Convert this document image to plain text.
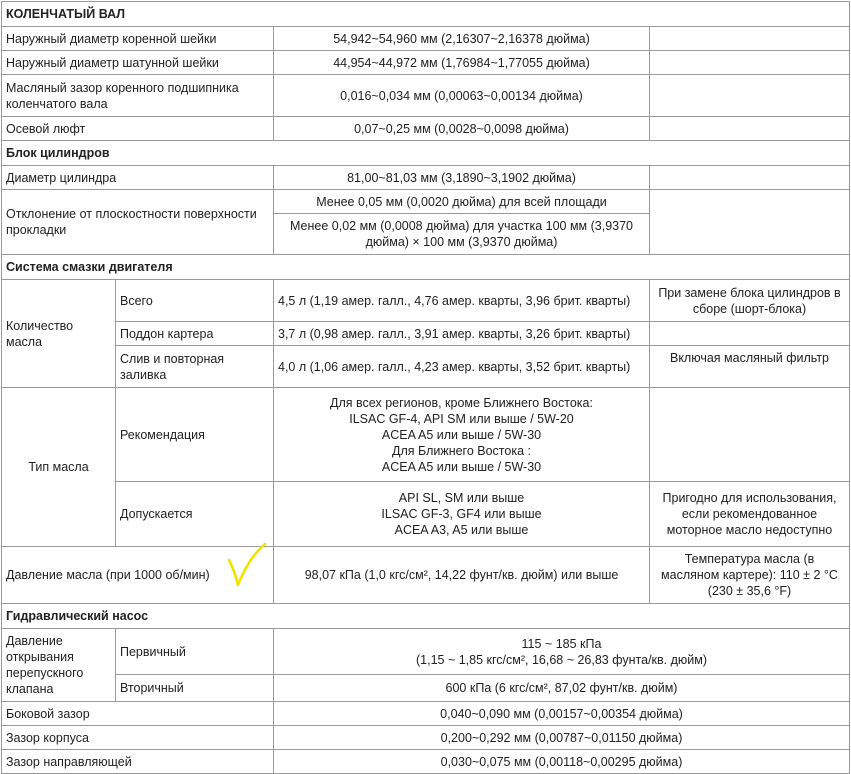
КОЛЕНЧАТЫЙ ВАЛ			
Наружный диаметр коренной шейки		54,942~54,960 мм (2,16307~2,16378 дюйма)	
Наружный диаметр шатунной шейки		44,954~44,972 мм (1,76984~1,77055 дюйма)	
Масляный зазор коренного подшипника коленчатого вала		0,016~0,034 мм (0,00063~0,00134 дюйма)	
Осевой люфт		0,07~0,25 мм (0,0028~0,0098 дюйма)	
Блок цилиндров			
Диаметр цилиндра		81,00~81,03 мм (3,1890~3,1902 дюйма)	
Отклонение от плоскостности поверхности прокладки		Менее 0,05 мм (0,0020 дюйма) для всей площади	
		Менее 0,02 мм (0,0008 дюйма) для участка 100 мм (3,9370 дюйма) × 100 мм (3,9370 дюйма)	
Система смазки двигателя			
Количество масла	Всего	4,5 л (1,19 амер. галл., 4,76 амер. кварты, 3,96 брит. кварты)	При замене блока цилиндров в сборе (шорт-блока)
	Поддон картера	3,7 л (0,98 амер. галл., 3,91 амер. кварты, 3,26 брит. кварты)	
	Слив и повторная заливка	4,0 л (1,06 амер. галл., 4,23 амер. кварты, 3,52 брит. кварты)	Включая масляный фильтр
Тип масла	Рекомендация	Для всех регионов, кроме Ближнего Востока:
ILSAC GF-4, API SM или выше / 5W-20
ACEA A5 или выше / 5W-30
Для Ближнего Востока :
ACEA A5 или выше / 5W-30	

	Допускается	API SL, SM или выше
ILSAC GF-3, GF4 или выше
ACEA A3, A5 или выше	Пригодно для использования, если рекомендованное моторное масло недоступно
Давление масла (при 1000 об/мин)		98,07 кПа (1,0 кгс/см², 14,22 фунт/кв. дюйм) или выше	Температура масла (в масляном картере): 110 ± 2 °C (230 ± 35,6 °F)
Гидравлический насос			
Давление открывания перепускного клапана	Первичный	115 ~ 185 кПа
(1,15 ~ 1,85 кгс/см², 16,68 ~ 26,83 фунта/кв. дюйм)	

	Вторичный	600 кПа (6 кгс/см², 87,02 фунт/кв. дюйм)	
Боковой зазор		0,040~0,090 мм (0,00157~0,00354 дюйма)	
Зазор корпуса		0,200~0,292 мм (0,00787~0,01150 дюйма)	
Зазор направляющей		0,030~0,075 мм (0,00118~0,00295 дюйма)	
